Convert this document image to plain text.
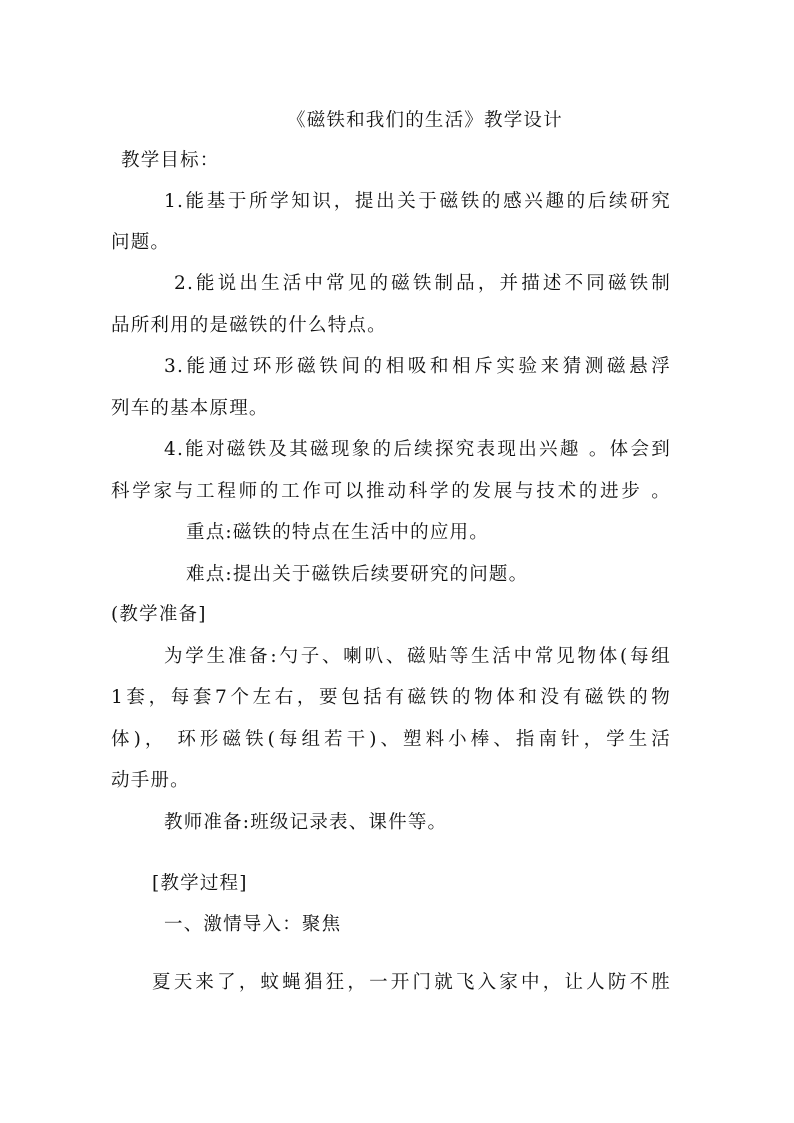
《磁铁和我们的生活》教学设计
教学目标：
1.能基于所学知识，提出关于磁铁的感兴趣的后续研究
问题。
2.能说出生活中常见的磁铁制品，并描述不同磁铁制
品所利用的是磁铁的什么特点。
3.能通过环形磁铁间的相吸和相斥实验来猜测磁悬浮
列车的基本原理。
4.能对磁铁及其磁现象的后续探究表现出兴趣 。体会到
科学家与工程师的工作可以推动科学的发展与技术的进步 。
重点:磁铁的特点在生活中的应用。
难点:提出关于磁铁后续要研究的问题。
(教学准备]
为学生准备:勺子、喇叭、磁贴等生活中常见物体(每组
1套，每套7个左右，要包括有磁铁的物体和没有磁铁的物
体)， 环形磁铁(每组若干)、塑料小棒、指南针，学生活
动手册。
教师准备:班级记录表、课件等。
[教学过程]
一、激情导入：聚焦
夏天来了，蚊蝇猖狂，一开门就飞入家中，让人防不胜
